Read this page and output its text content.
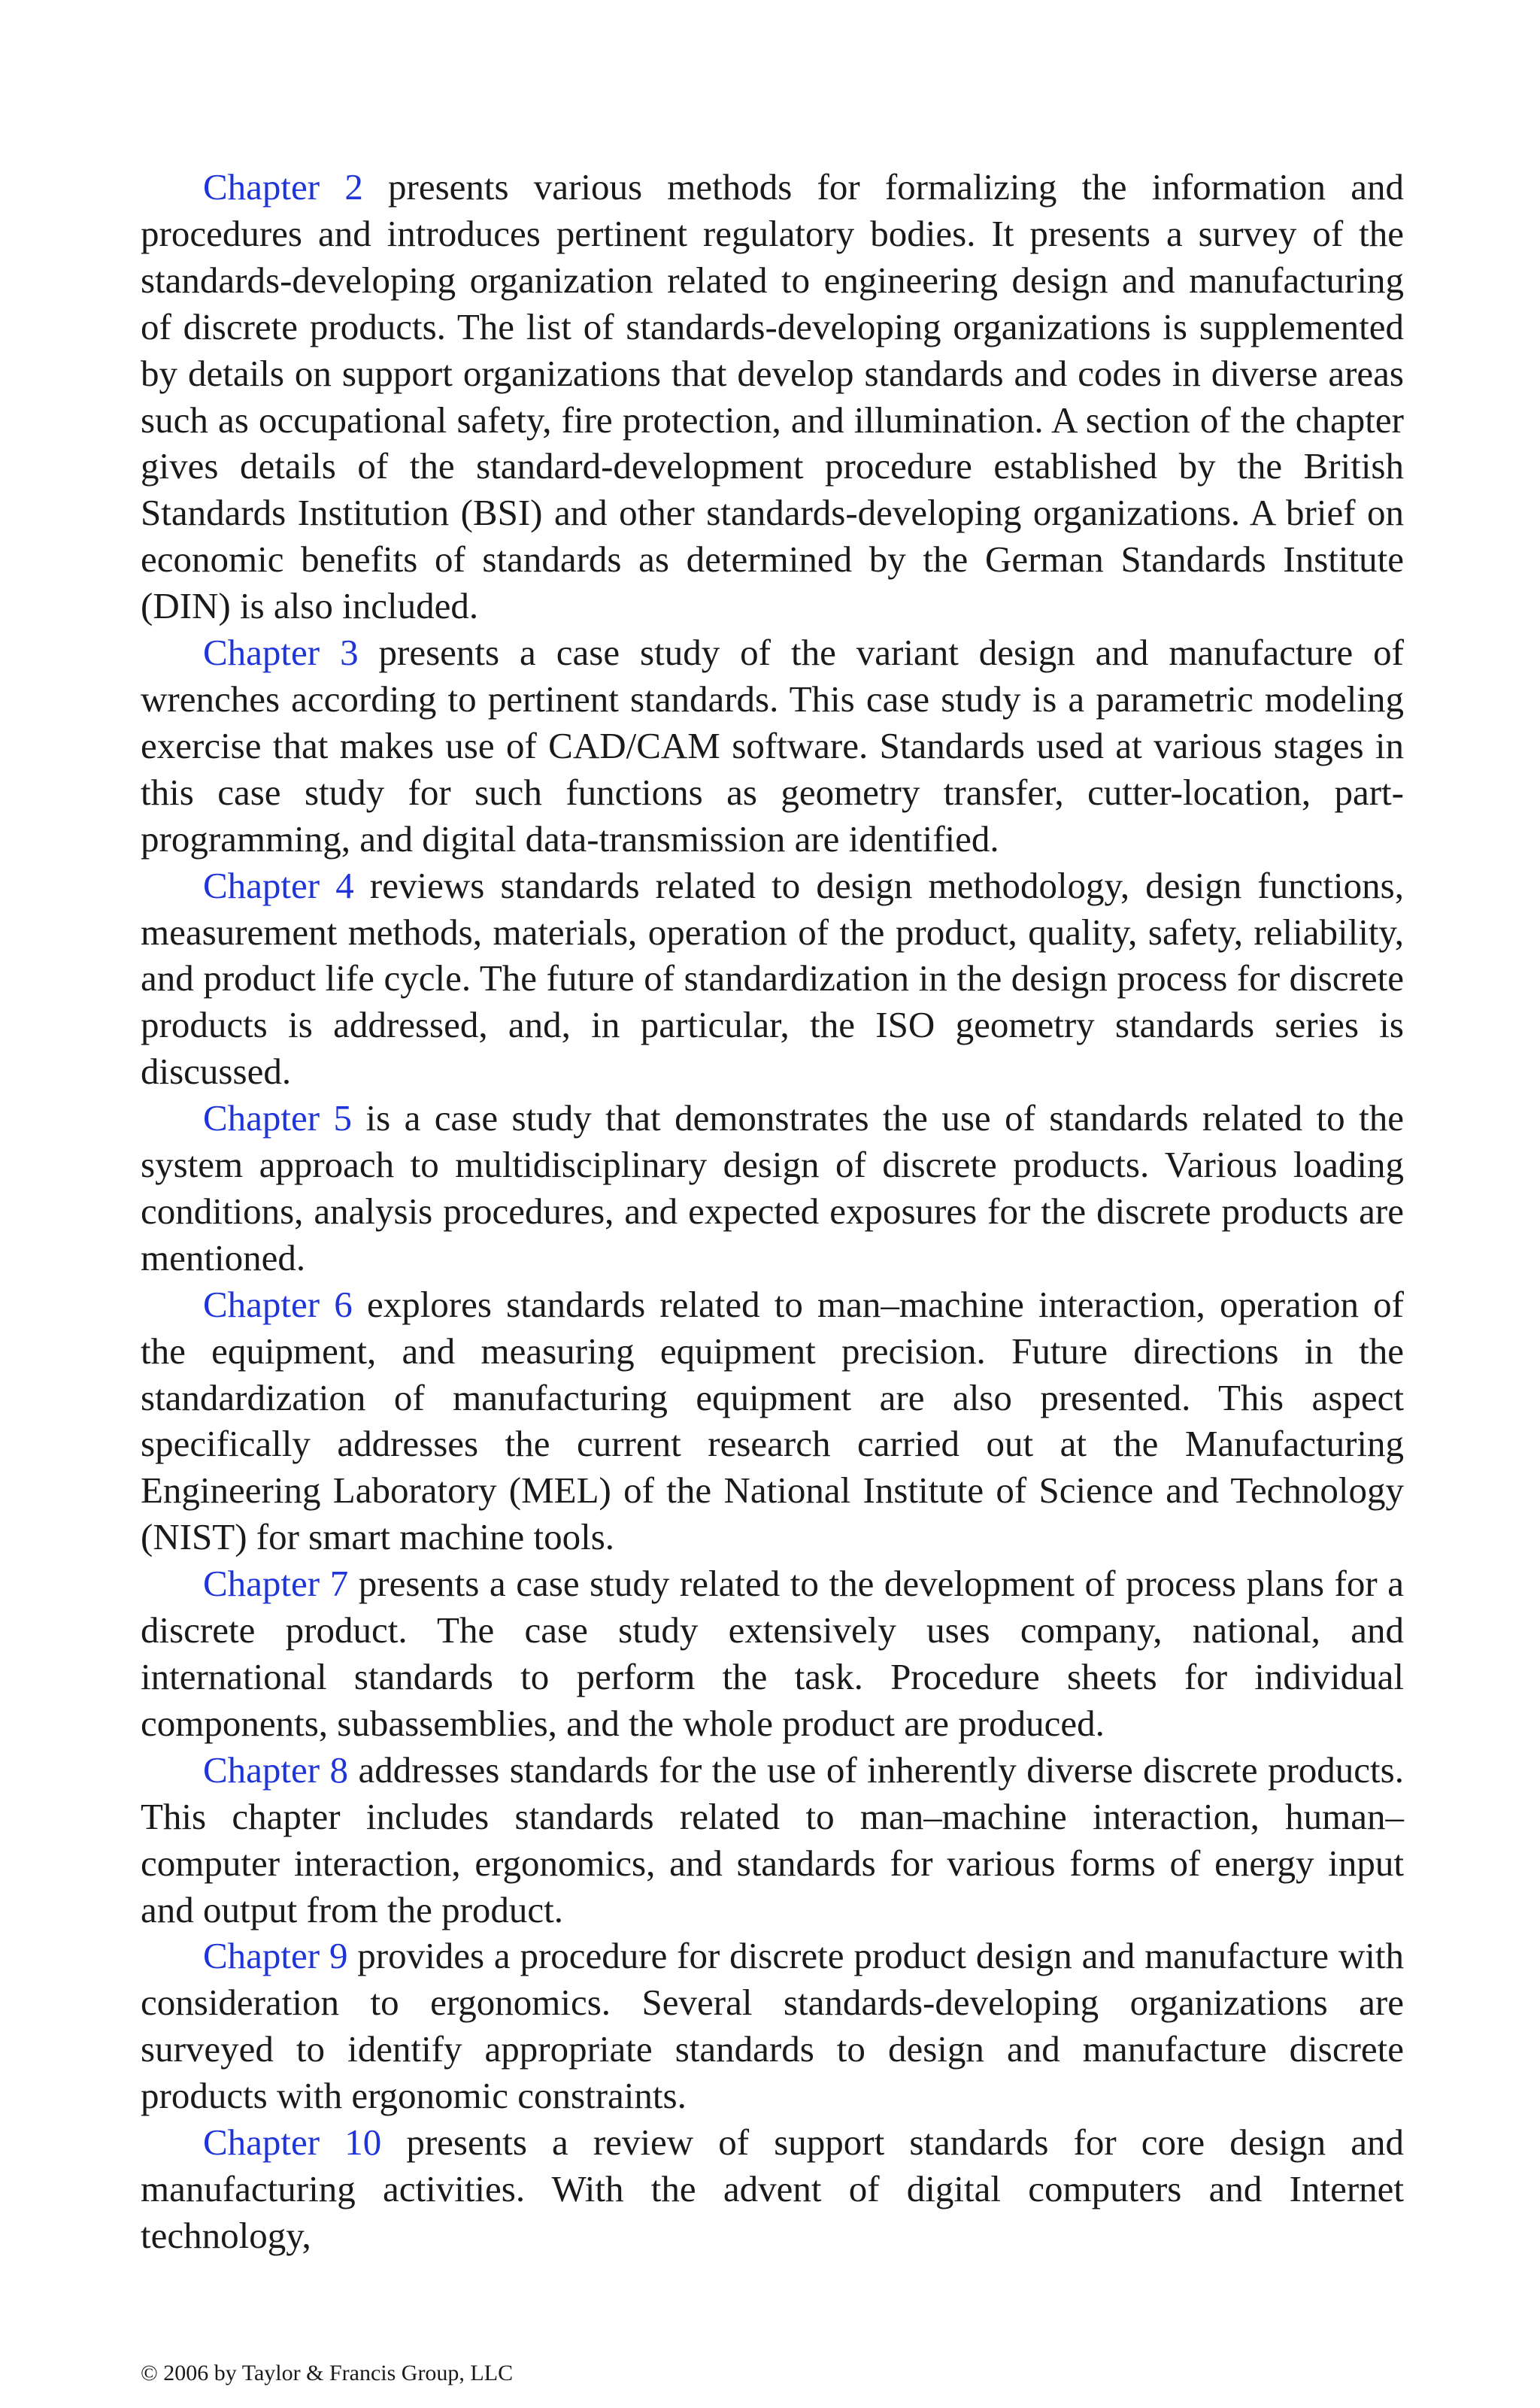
Chapter 2 presents various methods for formalizing the information and procedures and introduces pertinent regulatory bodies. It presents a survey of the standards-developing organization related to engineering design and manufacturing of discrete products. The list of standards-developing organizations is supplemented by details on support organizations that develop standards and codes in diverse areas such as occupational safety, fire protection, and illumination. A section of the chapter gives details of the standard-development procedure established by the British Standards Institution (BSI) and other standards-developing organizations. A brief on economic benefits of standards as determined by the German Standards Institute (DIN) is also included.

Chapter 3 presents a case study of the variant design and manufacture of wrenches according to pertinent standards. This case study is a parametric modeling exercise that makes use of CAD/CAM software. Standards used at various stages in this case study for such functions as geometry transfer, cutter-location, part-programming, and digital data-transmission are identified.

Chapter 4 reviews standards related to design methodology, design functions, measurement methods, materials, operation of the product, quality, safety, reliability, and product life cycle. The future of standardization in the design process for discrete products is addressed, and, in particular, the ISO geometry standards series is discussed.

Chapter 5 is a case study that demonstrates the use of standards related to the system approach to multidisciplinary design of discrete products. Various loading conditions, analysis procedures, and expected exposures for the discrete products are mentioned.

Chapter 6 explores standards related to man–machine interaction, operation of the equipment, and measuring equipment precision. Future directions in the standardization of manufacturing equipment are also presented. This aspect specifically addresses the current research carried out at the Manufacturing Engineering Laboratory (MEL) of the National Institute of Science and Technology (NIST) for smart machine tools.

Chapter 7 presents a case study related to the development of process plans for a discrete product. The case study extensively uses company, national, and international standards to perform the task. Procedure sheets for individual components, subassemblies, and the whole product are produced.

Chapter 8 addresses standards for the use of inherently diverse discrete products. This chapter includes standards related to man–machine interaction, human–computer interaction, ergonomics, and standards for various forms of energy input and output from the product.

Chapter 9 provides a procedure for discrete product design and manufacture with consideration to ergonomics. Several standards-developing organizations are surveyed to identify appropriate standards to design and manufacture discrete products with ergonomic constraints.

Chapter 10 presents a review of support standards for core design and manufacturing activities. With the advent of digital computers and Internet technology,

© 2006 by Taylor & Francis Group, LLC
